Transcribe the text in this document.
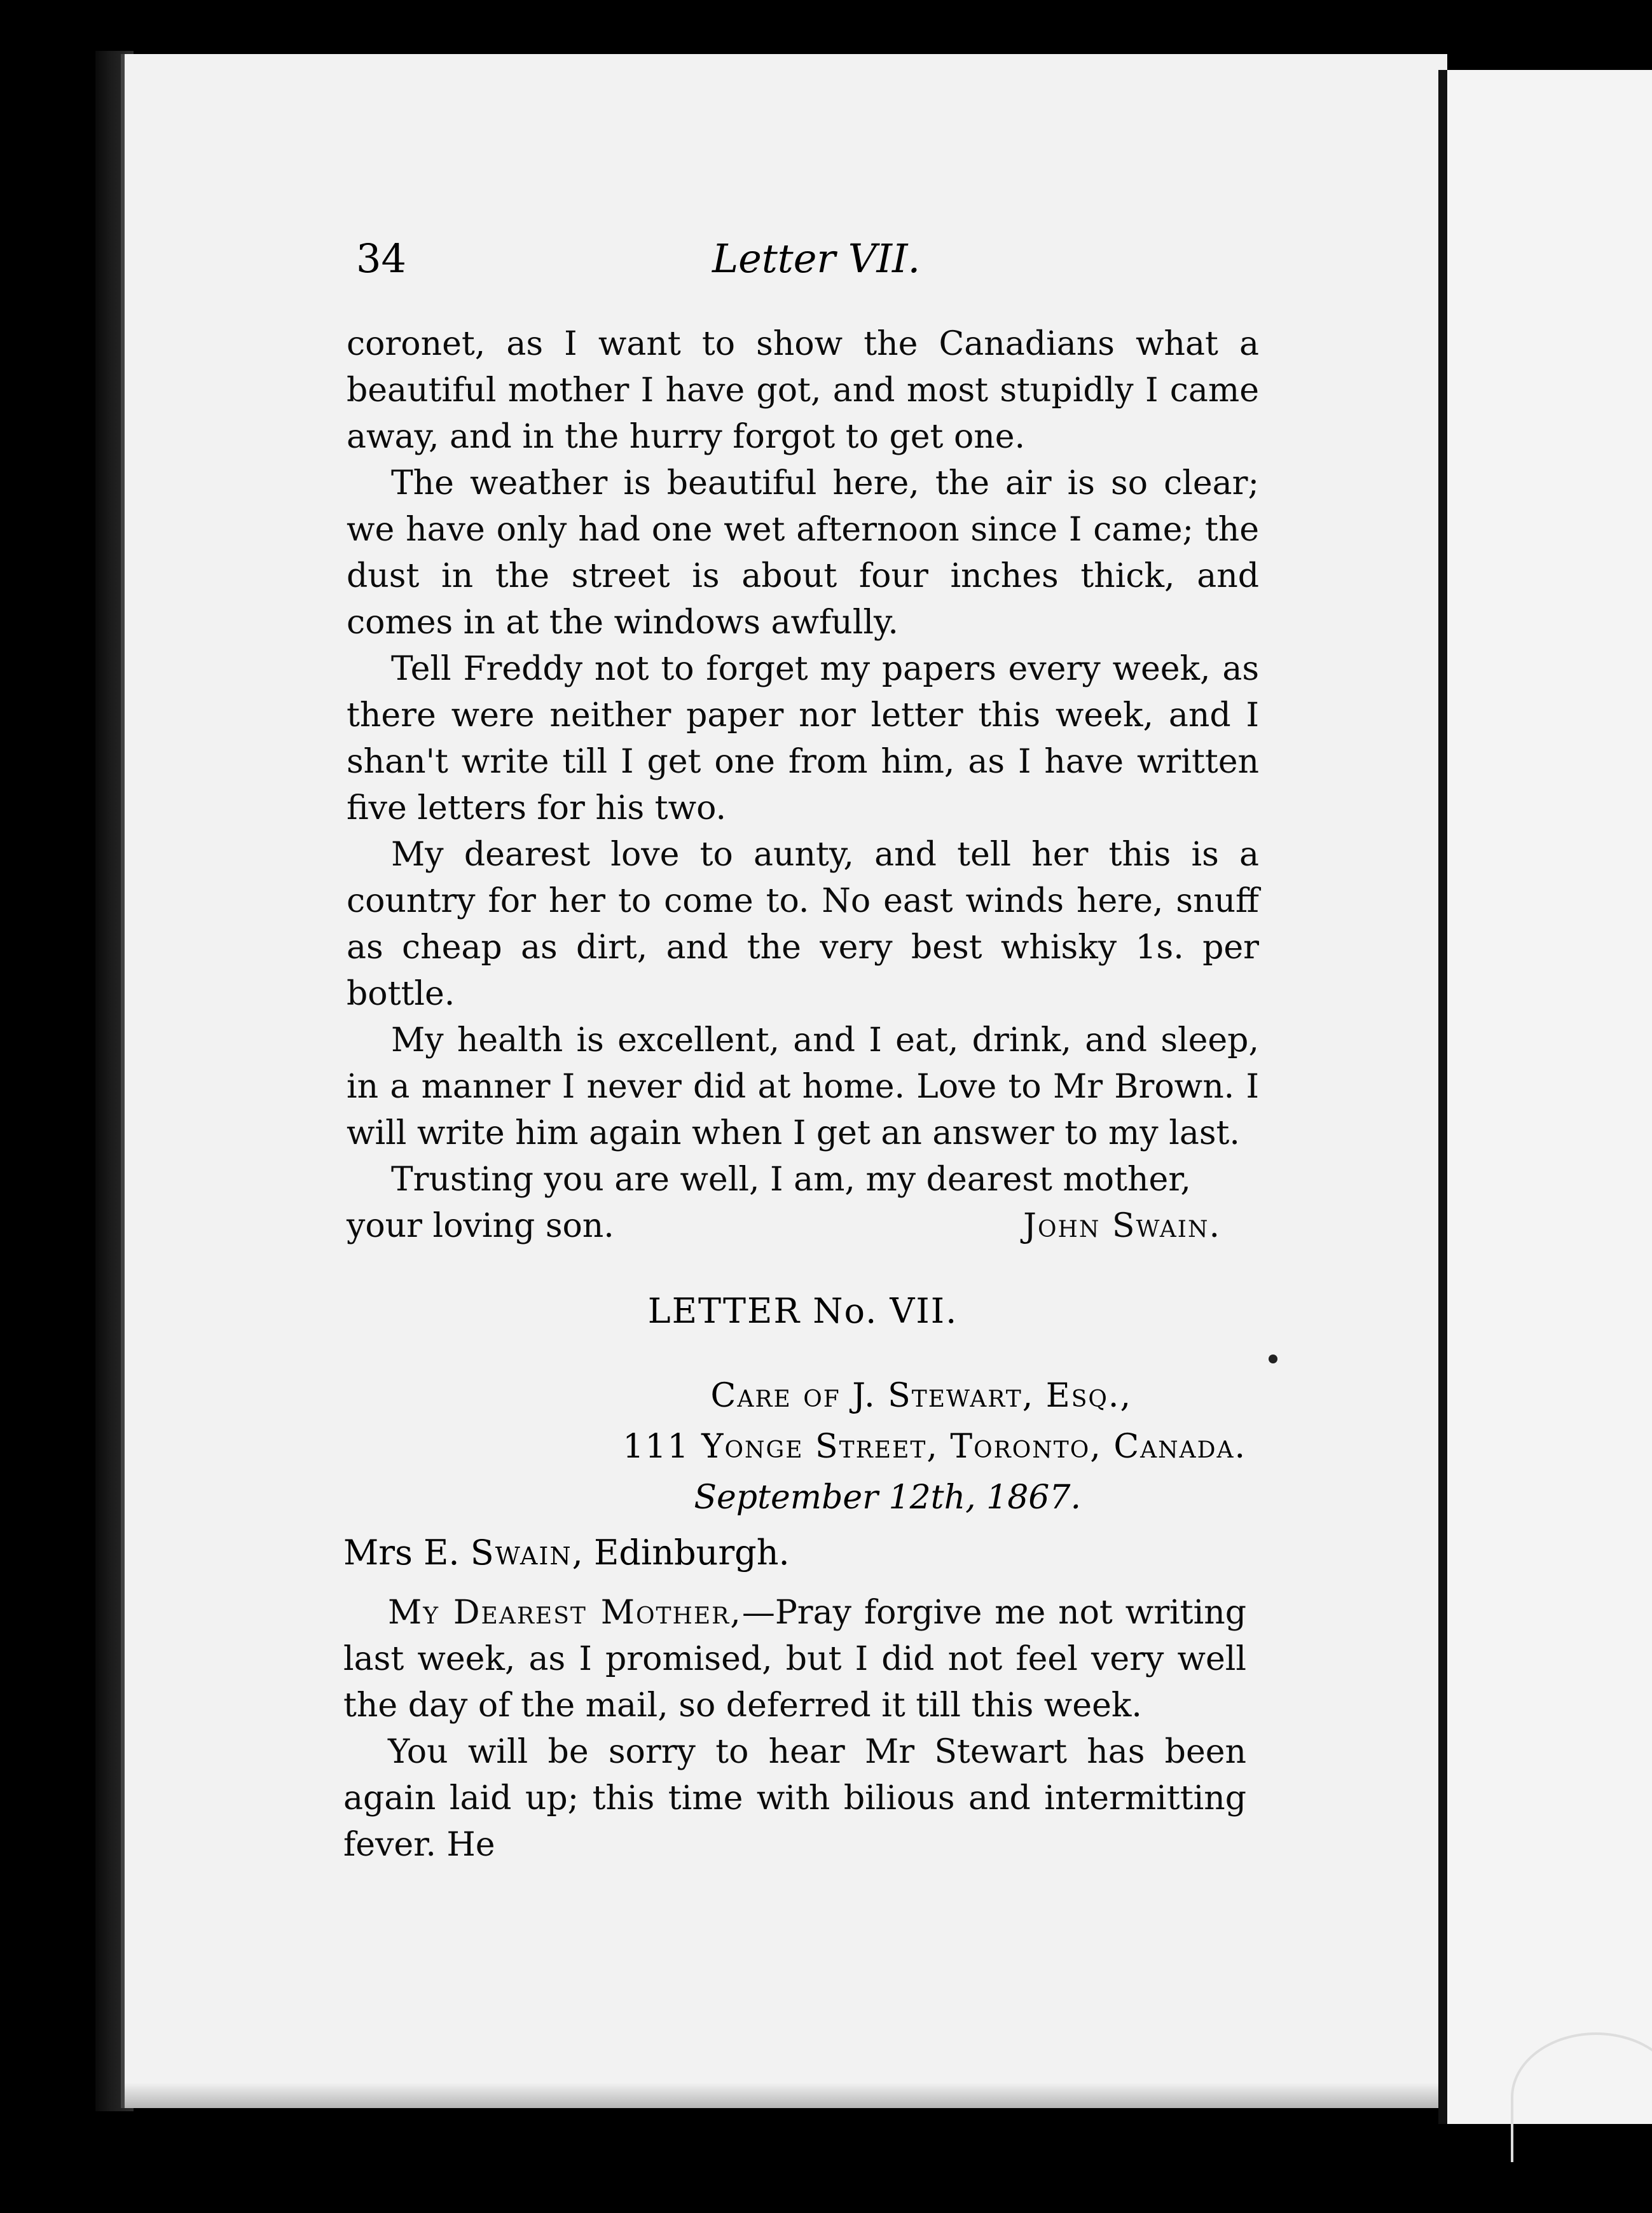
34	Letter VII.

coronet, as I want to show the Canadians what a beautiful mother I have got, and most stupidly I came away, and in the hurry forgot to get one.

The weather is beautiful here, the air is so clear; we have only had one wet afternoon since I came; the dust in the street is about four inches thick, and comes in at the windows awfully.

Tell Freddy not to forget my papers every week, as there were neither paper nor letter this week, and I shan't write till I get one from him, as I have written five letters for his two.

My dearest love to aunty, and tell her this is a country for her to come to. No east winds here, snuff as cheap as dirt, and the very best whisky 1s. per bottle.

My health is excellent, and I eat, drink, and sleep, in a manner I never did at home. Love to Mr Brown. I will write him again when I get an answer to my last.

Trusting you are well, I am, my dearest mother,

your loving son.	John Swain.
LETTER No. VII.
Care of J. Stewart, Esq.,
111 Yonge Street, Toronto, Canada.
September 12th, 1867.
Mrs E. Swain, Edinburgh.

My Dearest Mother,—Pray forgive me not writing last week, as I promised, but I did not feel very well the day of the mail, so deferred it till this week.

You will be sorry to hear Mr Stewart has been again laid up; this time with bilious and intermitting fever. He
